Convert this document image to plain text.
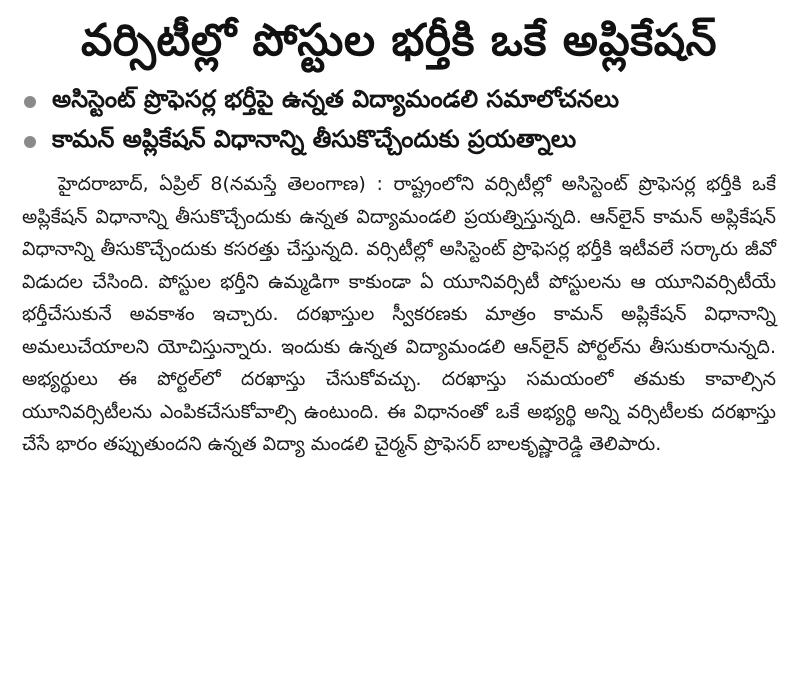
వర్సిటీల్లో పోస్టుల భర్తీకి ఒకే అప్లికేషన్
అసిస్టెంట్ ప్రొఫెసర్ల భర్తీపై ఉన్నత విద్యామండలి సమాలోచనలు
కామన్ అప్లికేషన్ విధానాన్ని తీసుకొచ్చేందుకు ప్రయత్నాలు

హైదరాబాద్, ఏప్రిల్ 8(నమస్తే తెలంగాణ) : రాష్ట్రంలోని వర్సిటీల్లో అసిస్టెంట్ ప్రొఫెసర్ల భర్తీకి ఒకే అప్లికేషన్ విధానాన్ని తీసుకొచ్చేందుకు ఉన్నత విద్యామండలి ప్రయత్నిస్తున్నది. ఆన్‌లైన్ కామన్ అప్లికేషన్ విధానాన్ని తీసుకొచ్చేందుకు కసరత్తు చేస్తున్నది. వర్సిటీల్లో అసిస్టెంట్ ప్రొఫెసర్ల భర్తీకి ఇటీవలే సర్కారు జీవో విడుదల చేసింది. పోస్టుల భర్తీని ఉమ్మడిగా కాకుండా ఏ యూనివర్సిటీ పోస్టులను ఆ యూనివర్సిటీయే భర్తీచేసుకునే అవకాశం ఇచ్చారు. దరఖాస్తుల స్వీకరణకు మాత్రం కామన్ అప్లికేషన్ విధానాన్ని అమలుచేయాలని యోచిస్తున్నారు. ఇందుకు ఉన్నత విద్యామండలి ఆన్‌లైన్ పోర్టల్‌ను తీసుకురానున్నది. అభ్యర్థులు ఈ పోర్టల్‌లో దరఖాస్తు చేసుకోవచ్చు. దరఖాస్తు సమయంలో తమకు కావాల్సిన యూనివర్సిటీలను ఎంపికచేసుకోవాల్సి ఉంటుంది. ఈ విధానంతో ఒకే అభ్యర్థి అన్ని వర్సిటీలకు దరఖాస్తు చేసే భారం తప్పుతుందని ఉన్నత విద్యా మండలి చైర్మన్ ప్రొఫెసర్ బాలకృష్ణారెడ్డి తెలిపారు.
